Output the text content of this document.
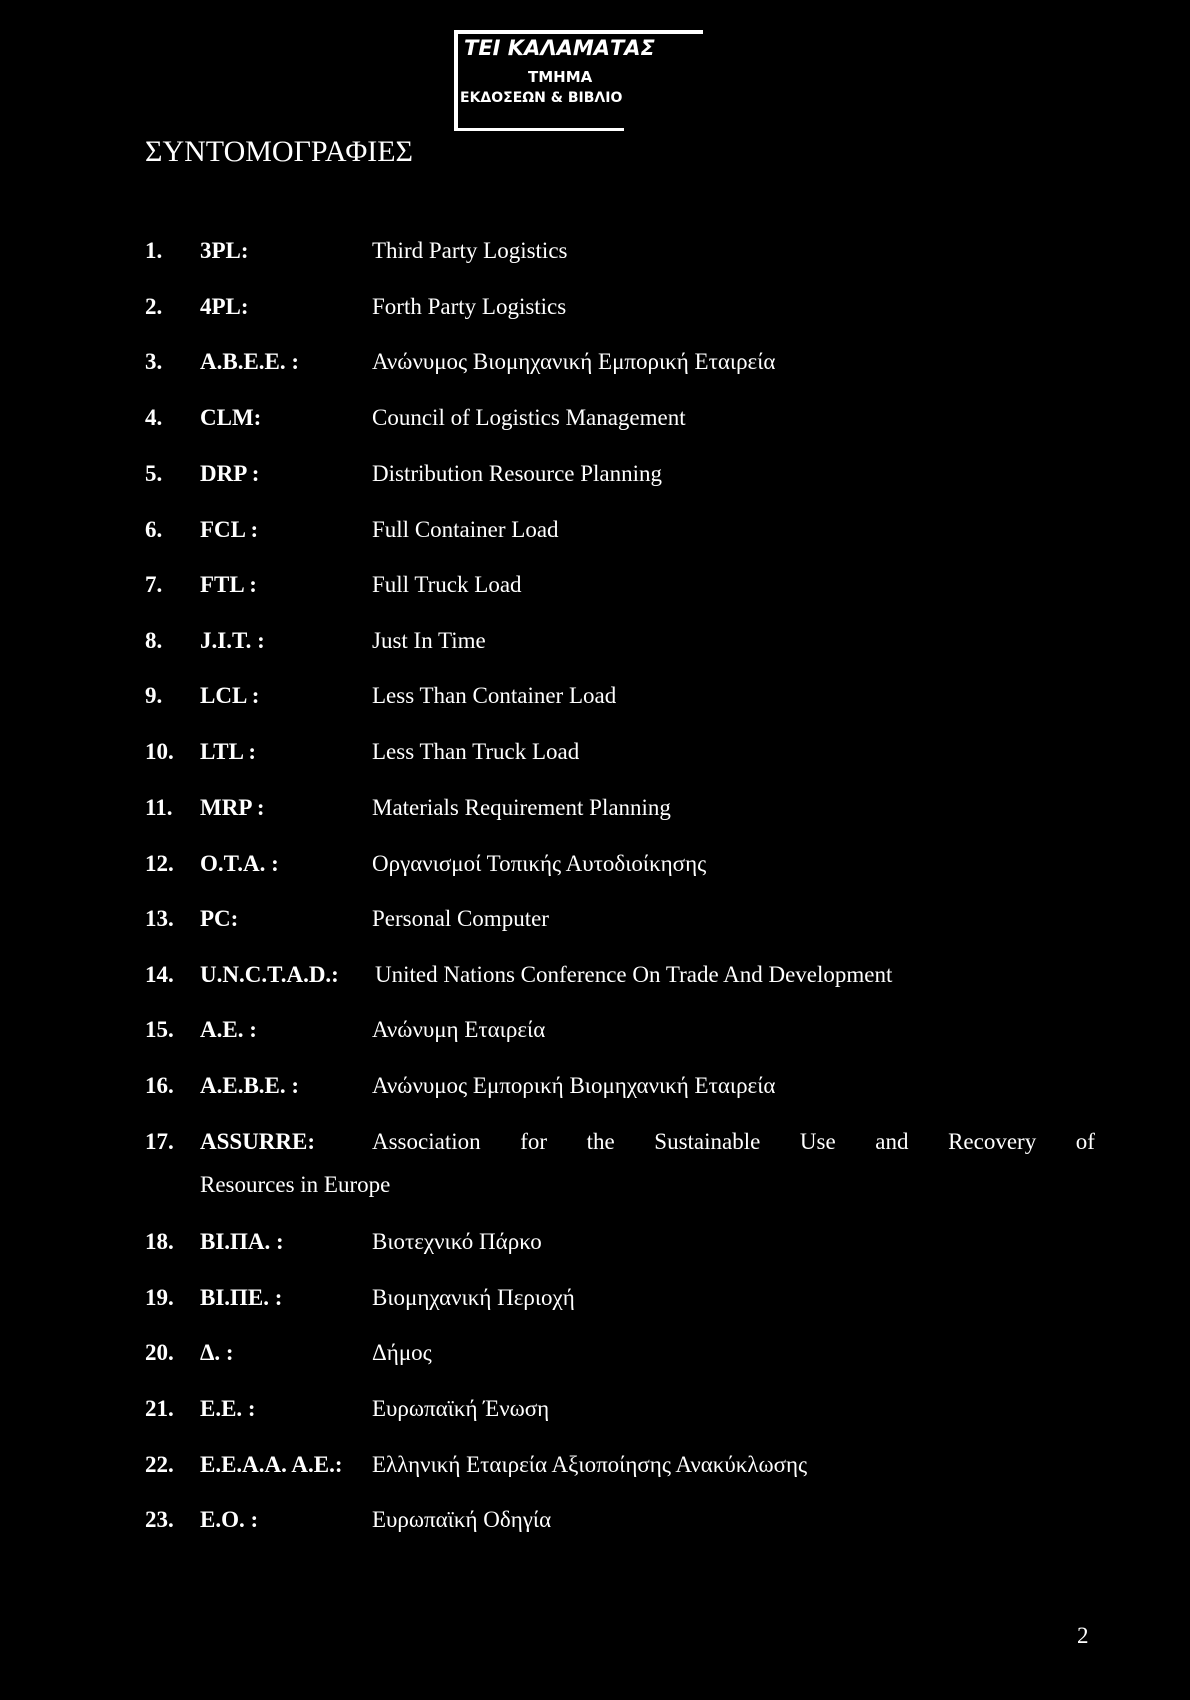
ΤΕΙ ΚΑΛΑΜΑΤΑΣ
ΤΜΗΜΑ
ΕΚΔΟΣΕΩΝ & ΒΙΒΛΙΟ
ΣΥΝΤΟΜΟΓΡΑΦΙΕΣ
1. 3PL:	Third Party Logistics
2. 4PL:	Forth Party Logistics
3. A.B.E.E. :	Ανώνυμος Βιομηχανική Εμπορική Εταιρεία
4. CLM:	Council of Logistics Management
5. DRP :	Distribution Resource Planning
6. FCL :	Full Container Load
7. FTL :	Full Truck Load
8. J.I.T. :	Just In Time
9. LCL :	Less Than Container Load
10. LTL :	Less Than Truck Load
11. MRP :	Materials Requirement Planning
12. O.T.A. :	Οργανισμοί Τοπικής Αυτοδιοίκησης
13. PC:	Personal Computer
14. U.N.C.T.A.D.: United Nations Conference On Trade And Development
15. A.E. :	Ανώνυμη Εταιρεία
16. A.E.B.E. :	Ανώνυμος Εμπορική Βιομηχανική Εταιρεία
17. ASSURRE: Association for the Sustainable Use and Recovery of
Resources in Europe
18. ΒΙ.ΠΑ. :	Βιοτεχνικό Πάρκο
19. ΒΙ.ΠΕ. :	Βιομηχανική Περιοχή
20. Δ. :	Δήμος
21. E.E. :	Ευρωπαϊκή Ένωση
22. E.E.A.A. A.E.: Ελληνική Εταιρεία Αξιοποίησης Ανακύκλωσης
23. E.O. :	Ευρωπαϊκή Οδηγία
2
